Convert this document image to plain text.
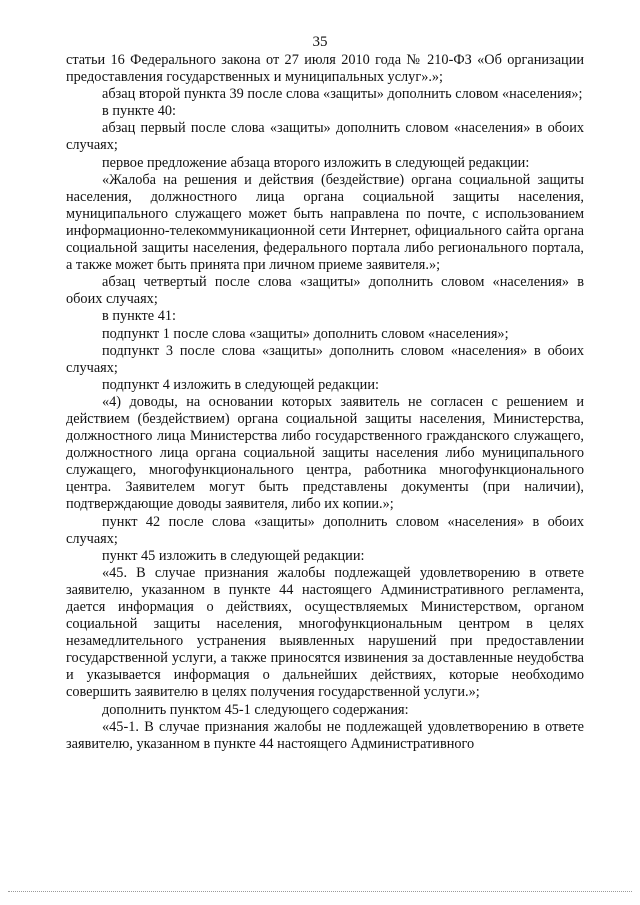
35

статьи 16 Федерального закона от 27 июля 2010 года № 210-ФЗ «Об организации предоставления государственных и муниципальных услуг».»;

абзац второй пункта 39 после слова «защиты» дополнить словом «населения»;

в пункте 40:

абзац первый после слова «защиты» дополнить словом «населения» в обоих случаях;

первое предложение абзаца второго изложить в следующей редакции:

«Жалоба на решения и действия (бездействие) органа социальной защиты населения, должностного лица органа социальной защиты населения, муниципального служащего может быть направлена по почте, с использованием информационно-телекоммуникационной сети Интернет, официального сайта органа социальной защиты населения, федерального портала либо регионального портала, а также может быть принята при личном приеме заявителя.»;

абзац четвертый после слова «защиты» дополнить словом «населения» в обоих случаях;

в пункте 41:

подпункт 1 после слова «защиты» дополнить словом «населения»;

подпункт 3 после слова «защиты» дополнить словом «населения» в обоих случаях;

подпункт 4 изложить в следующей редакции:

«4) доводы, на основании которых заявитель не согласен с решением и действием (бездействием) органа социальной защиты населения, Министерства, должностного лица Министерства либо государственного гражданского служащего, должностного лица органа социальной защиты населения либо муниципального служащего, многофункционального центра, работника многофункционального центра. Заявителем могут быть представлены документы (при наличии), подтверждающие доводы заявителя, либо их копии.»;

пункт 42 после слова «защиты» дополнить словом «населения» в обоих случаях;

пункт 45 изложить в следующей редакции:

«45. В случае признания жалобы подлежащей удовлетворению в ответе заявителю, указанном в пункте 44 настоящего Административного регламента, дается информация о действиях, осуществляемых Министерством, органом социальной защиты населения, многофункциональным центром в целях незамедлительного устранения выявленных нарушений при предоставлении государственной услуги, а также приносятся извинения за доставленные неудобства и указывается информация о дальнейших действиях, которые необходимо совершить заявителю в целях получения государственной услуги.»;

дополнить пунктом 45-1 следующего содержания:

«45-1. В случае признания жалобы не подлежащей удовлетворению в ответе заявителю, указанном в пункте 44 настоящего Административного
